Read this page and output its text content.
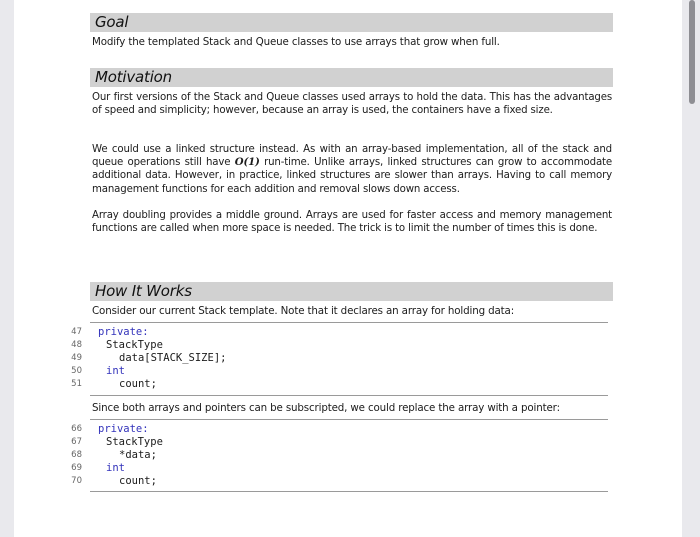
Goal
Modify the templated Stack and Queue classes to use arrays that grow when full.
Motivation
Our first versions of the Stack and Queue classes used arrays to hold the data. This has the advantages of speed and simplicity; however, because an array is used, the containers have a fixed size.
We could use a linked structure instead. As with an array-based implementation, all of the stack and queue operations still have O(1) run-time. Unlike arrays, linked structures can grow to accommodate additional data. However, in practice, linked structures are slower than arrays. Having to call memory management functions for each addition and removal slows down access.
Array doubling provides a middle ground. Arrays are used for faster access and memory management functions are called when more space is needed. The trick is to limit the number of times this is done.
How It Works
Consider our current Stack template. Note that it declares an array for holding data:
47 private:
48 StackType
49	data[STACK_SIZE];
50 int
51	count;
Since both arrays and pointers can be subscripted, we could replace the array with a pointer:
66 private:
67 StackType
68	*data;
69 int
70	count;
